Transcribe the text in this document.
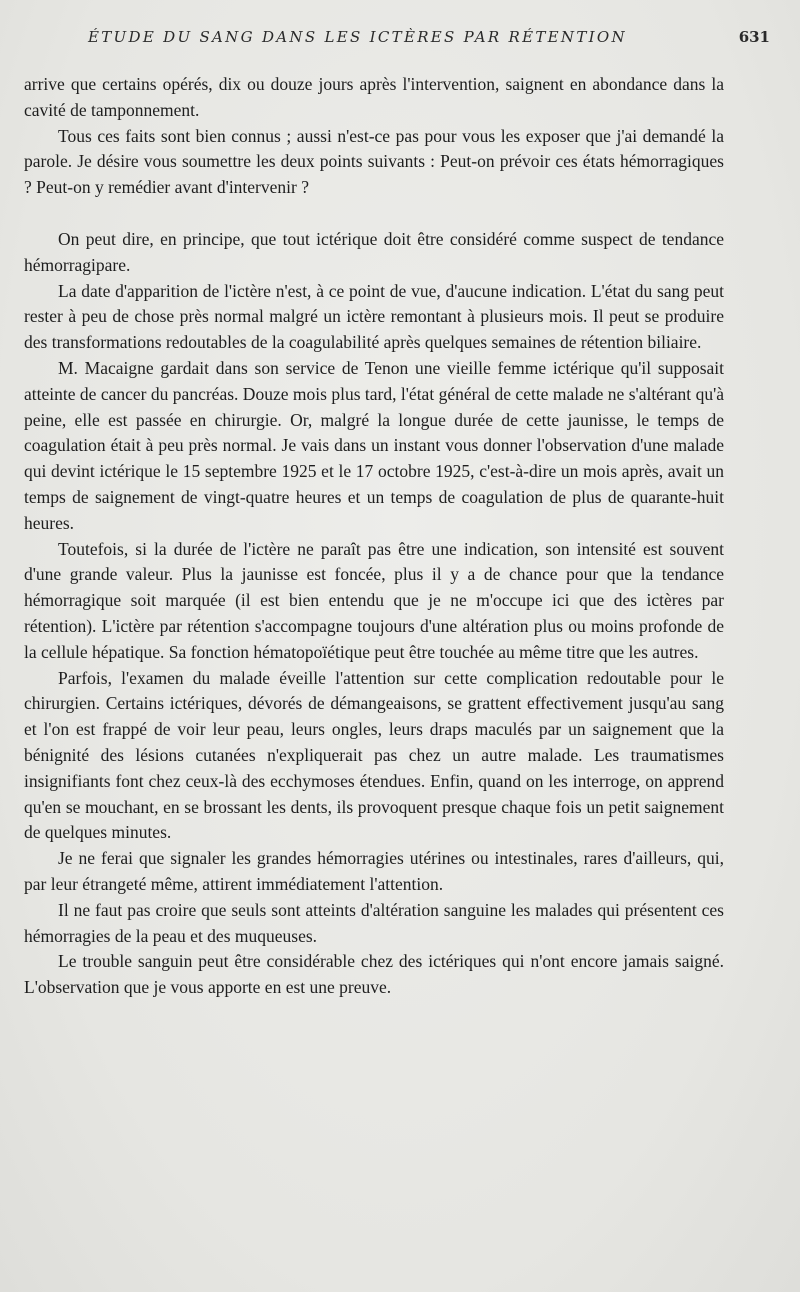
ÉTUDE DU SANG DANS LES ICTÈRES PAR RÉTENTION	631

arrive que certains opérés, dix ou douze jours après l'intervention, saignent en abondance dans la cavité de tamponnement.

Tous ces faits sont bien connus ; aussi n'est-ce pas pour vous les exposer que j'ai demandé la parole. Je désire vous soumettre les deux points suivants : Peut-on prévoir ces états hémorragiques ? Peut-on y remédier avant d'intervenir ?

On peut dire, en principe, que tout ictérique doit être considéré comme suspect de tendance hémorragipare.

La date d'apparition de l'ictère n'est, à ce point de vue, d'aucune indication. L'état du sang peut rester à peu de chose près normal malgré un ictère remontant à plusieurs mois. Il peut se produire des transformations redoutables de la coagulabilité après quelques semaines de rétention biliaire.

M. Macaigne gardait dans son service de Tenon une vieille femme ictérique qu'il supposait atteinte de cancer du pancréas. Douze mois plus tard, l'état général de cette malade ne s'altérant qu'à peine, elle est passée en chirurgie. Or, malgré la longue durée de cette jaunisse, le temps de coagulation était à peu près normal. Je vais dans un instant vous donner l'observation d'une malade qui devint ictérique le 15 septembre 1925 et le 17 octobre 1925, c'est-à-dire un mois après, avait un temps de saignement de vingt-quatre heures et un temps de coagulation de plus de quarante-huit heures.

Toutefois, si la durée de l'ictère ne paraît pas être une indication, son intensité est souvent d'une grande valeur. Plus la jaunisse est foncée, plus il y a de chance pour que la tendance hémorragique soit marquée (il est bien entendu que je ne m'occupe ici que des ictères par rétention). L'ictère par rétention s'accompagne toujours d'une altération plus ou moins profonde de la cellule hépatique. Sa fonction hématopoïétique peut être touchée au même titre que les autres.

Parfois, l'examen du malade éveille l'attention sur cette complication redoutable pour le chirurgien. Certains ictériques, dévorés de démangeaisons, se grattent effectivement jusqu'au sang et l'on est frappé de voir leur peau, leurs ongles, leurs draps maculés par un saignement que la bénignité des lésions cutanées n'expliquerait pas chez un autre malade. Les traumatismes insignifiants font chez ceux-là des ecchymoses étendues. Enfin, quand on les interroge, on apprend qu'en se mouchant, en se brossant les dents, ils provoquent presque chaque fois un petit saignement de quelques minutes.

Je ne ferai que signaler les grandes hémorragies utérines ou intestinales, rares d'ailleurs, qui, par leur étrangeté même, attirent immédiatement l'attention.

Il ne faut pas croire que seuls sont atteints d'altération sanguine les malades qui présentent ces hémorragies de la peau et des muqueuses.

Le trouble sanguin peut être considérable chez des ictériques qui n'ont encore jamais saigné. L'observation que je vous apporte en est une preuve.
